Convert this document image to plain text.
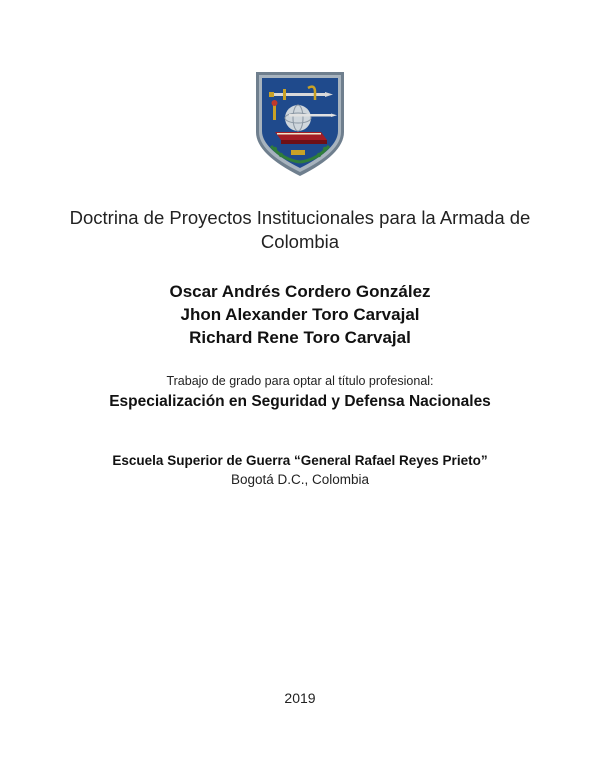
Doctrina de Proyectos Institucionales para la Armada de Colombia
Oscar Andrés Cordero González
Jhon Alexander Toro Carvajal
Richard Rene Toro Carvajal
Trabajo de grado para optar al título profesional:
Especialización en Seguridad y Defensa Nacionales
Escuela Superior de Guerra “General Rafael Reyes Prieto”
Bogotá D.C., Colombia
2019
